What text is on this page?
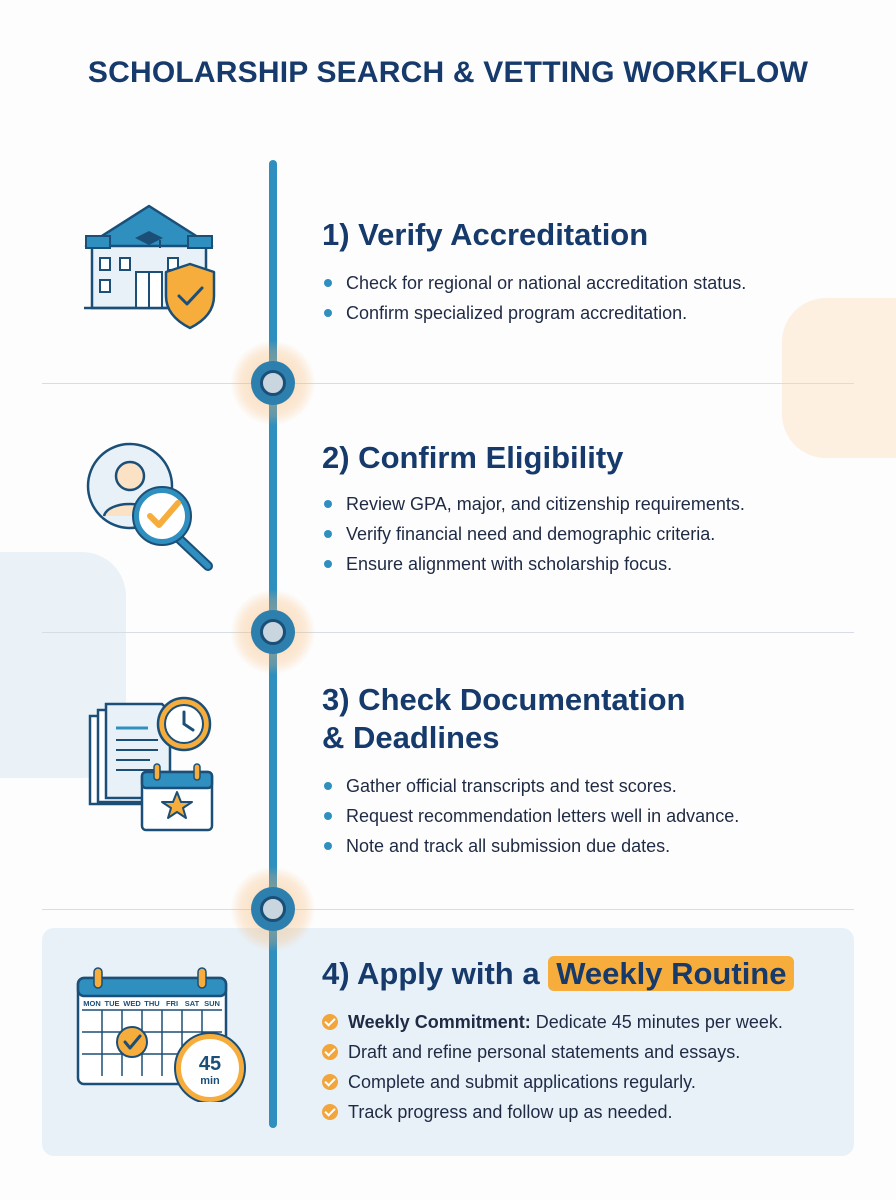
SCHOLARSHIP SEARCH & VETTING WORKFLOW
MON TUE WED THU FRI SAT SUN
45
min
1) Verify Accreditation
Check for regional or national accreditation status.
Confirm specialized program accreditation.
2) Confirm Eligibility
Review GPA, major, and citizenship requirements.
Verify financial need and demographic criteria.
Ensure alignment with scholarship focus.
3) Check Documentation
& Deadlines
Gather official transcripts and test scores.
Request recommendation letters well in advance.
Note and track all submission due dates.
4) Apply with a Weekly Routine
Weekly Commitment: Dedicate 45 minutes per week.
Draft and refine personal statements and essays.
Complete and submit applications regularly.
Track progress and follow up as needed.
